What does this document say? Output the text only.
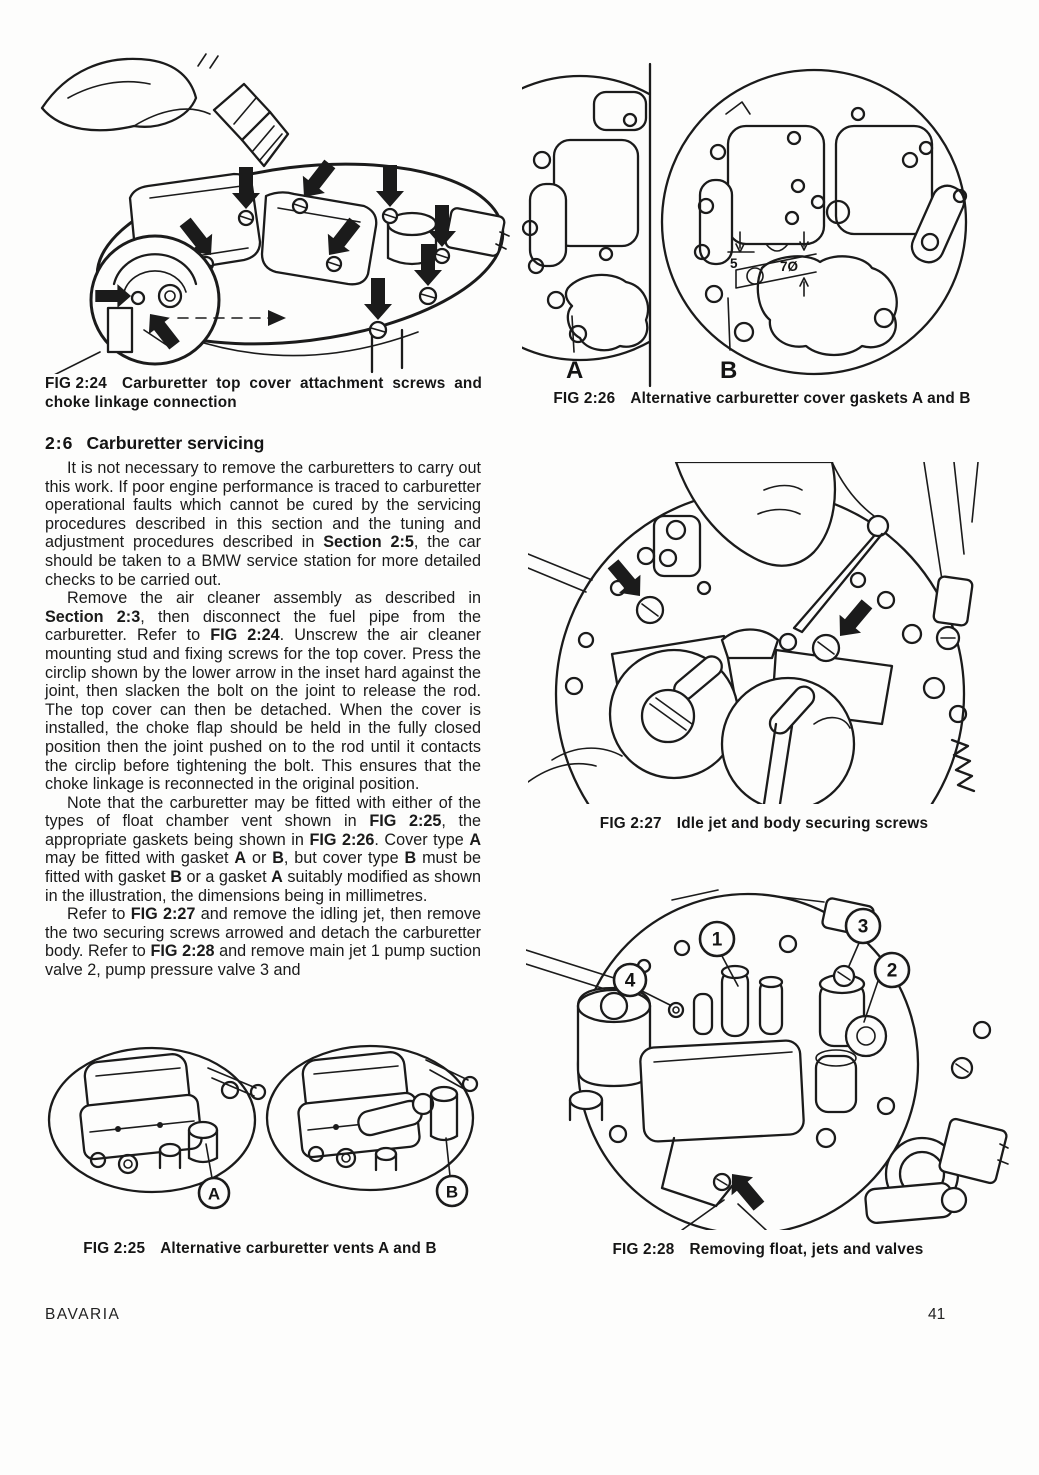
FIG 2:24 Carburetter top cover attachment screws and choke linkage connection
A
5	7Ø
B
FIG 2:26 Alternative carburetter cover gaskets A and B
2:6 Carburetter servicing

It is not necessary to remove the carburetters to carry out this work. If poor engine performance is traced to carburetter operational faults which cannot be cured by the servicing procedures described in this section and the tuning and adjustment procedures described in Section 2:5, the car should be taken to a BMW service station for more detailed checks to be carried out.

Remove the air cleaner assembly as described in Section 2:3, then disconnect the fuel pipe from the carburetter. Refer to FIG 2:24. Unscrew the air cleaner mounting stud and fixing screws for the top cover. Press the circlip shown by the lower arrow in the inset hard against the joint, then slacken the bolt on the joint to release the rod. The top cover can then be detached. When the cover is installed, the choke flap should be held in the fully closed position then the joint pushed on to the rod until it contacts the circlip before tightening the bolt. This ensures that the choke linkage is reconnected in the original position.

Note that the carburetter may be fitted with either of the types of float chamber vent shown in FIG 2:25, the appropriate gaskets being shown in FIG 2:26. Cover type A may be fitted with gasket A or B, but cover type B must be fitted with gasket B or a gasket A suitably modified as shown in the illustration, the dimensions being in millimetres.

Refer to FIG 2:27 and remove the idling jet, then remove the two securing screws arrowed and detach the carburetter body. Refer to FIG 2:28 and remove main jet 1 pump suction valve 2, pump pressure valve 3 and

FIG 2:27 Idle jet and body securing screws
1
3
2
4
FIG 2:28 Removing float, jets and valves
A	B
FIG 2:25 Alternative carburetter vents A and B
BAVARIA	41
